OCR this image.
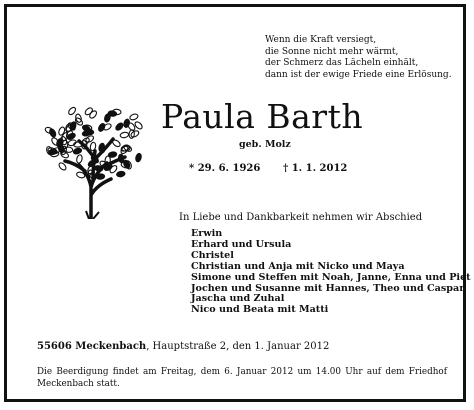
Wenn die Kraft versiegt,
die Sonne nicht mehr wärmt,
der Schmerz das Lächeln einhält,
dann ist der ewige Friede eine Erlösung.
Paula Barth
geb. Molz
* 29. 6. 1926 † 1. 1. 2012
In Liebe und Dankbarkeit nehmen wir Abschied
Erwin
Erhard und Ursula
Christel
Christian und Anja mit Nicko und Maya
Simone und Steffen mit Noah, Janne, Enna und Piet
Jochen und Susanne mit Hannes, Theo und Caspar
Jascha und Zuhal
Nico und Beata mit Matti
55606 Meckenbach, Hauptstraße 2, den 1. Januar 2012
Die Beerdigung findet am Freitag, dem 6. Januar 2012 um 14.00 Uhr auf dem Friedhof Meckenbach statt.
